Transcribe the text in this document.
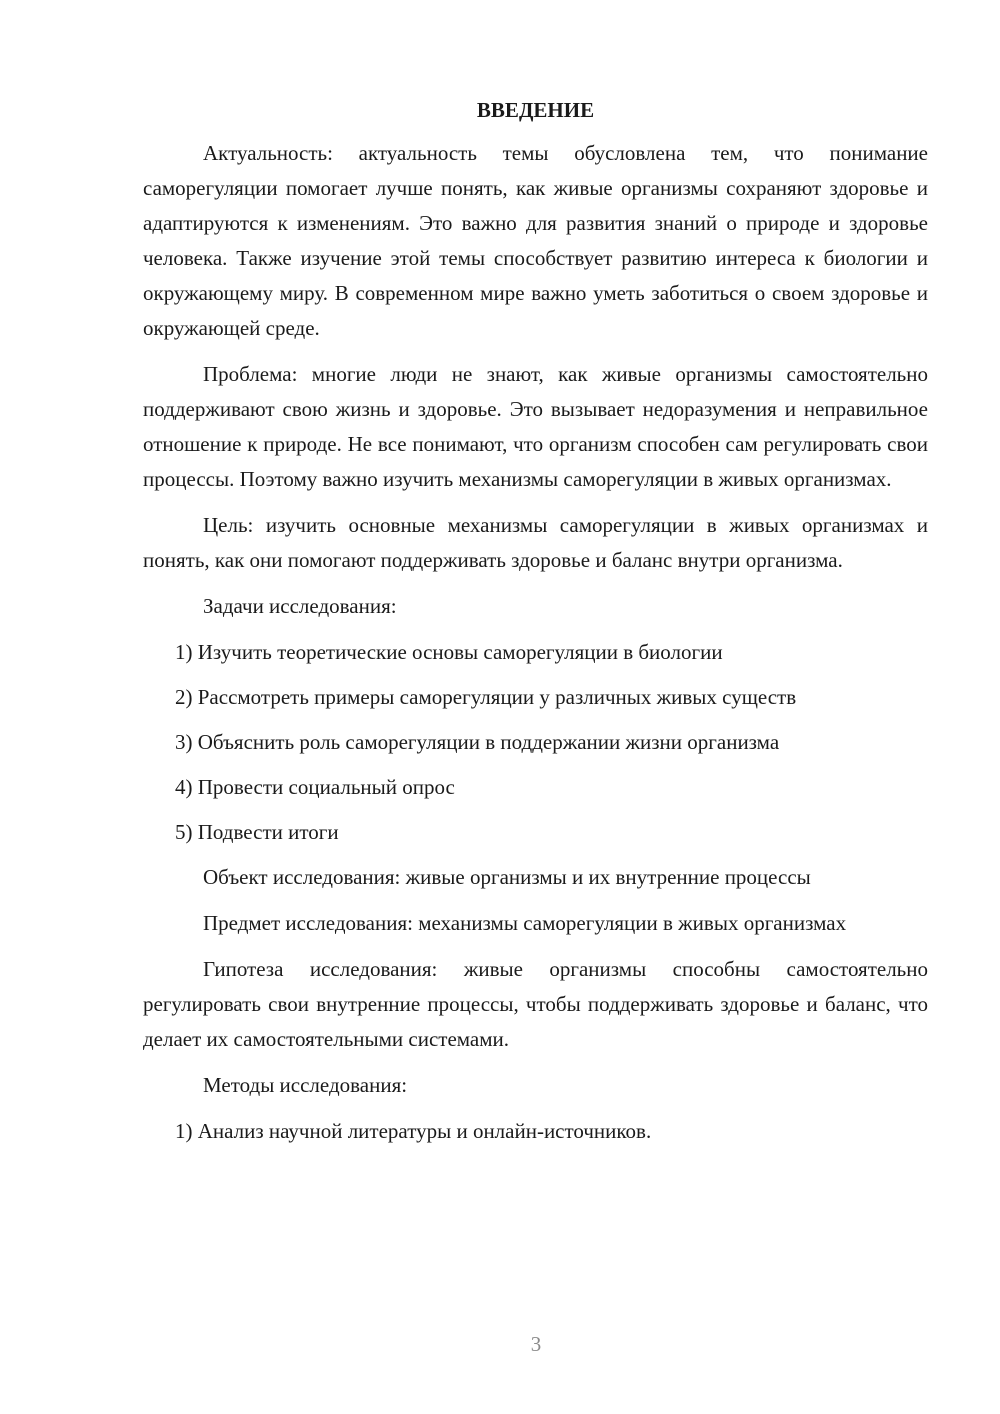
ВВЕДЕНИЕ

Актуальность: актуальность темы обусловлена тем, что понимание саморегуляции помогает лучше понять, как живые организмы сохраняют здоровье и адаптируются к изменениям. Это важно для развития знаний о природе и здоровье человека. Также изучение этой темы способствует развитию интереса к биологии и окружающему миру. В современном мире важно уметь заботиться о своем здоровье и окружающей среде.

Проблема: многие люди не знают, как живые организмы самостоятельно поддерживают свою жизнь и здоровье. Это вызывает недоразумения и неправильное отношение к природе. Не все понимают, что организм способен сам регулировать свои процессы. Поэтому важно изучить механизмы саморегуляции в живых организмах.

Цель: изучить основные механизмы саморегуляции в живых организмах и понять, как они помогают поддерживать здоровье и баланс внутри организма.

Задачи исследования:

1) Изучить теоретические основы саморегуляции в биологии
2) Рассмотреть примеры саморегуляции у различных живых существ
3) Объяснить роль саморегуляции в поддержании жизни организма
4) Провести социальный опрос
5) Подвести итоги

Объект исследования: живые организмы и их внутренние процессы

Предмет исследования: механизмы саморегуляции в живых организмах

Гипотеза исследования: живые организмы способны самостоятельно регулировать свои внутренние процессы, чтобы поддерживать здоровье и баланс, что делает их самостоятельными системами.

Методы исследования:

1) Анализ научной литературы и онлайн-источников.
3
